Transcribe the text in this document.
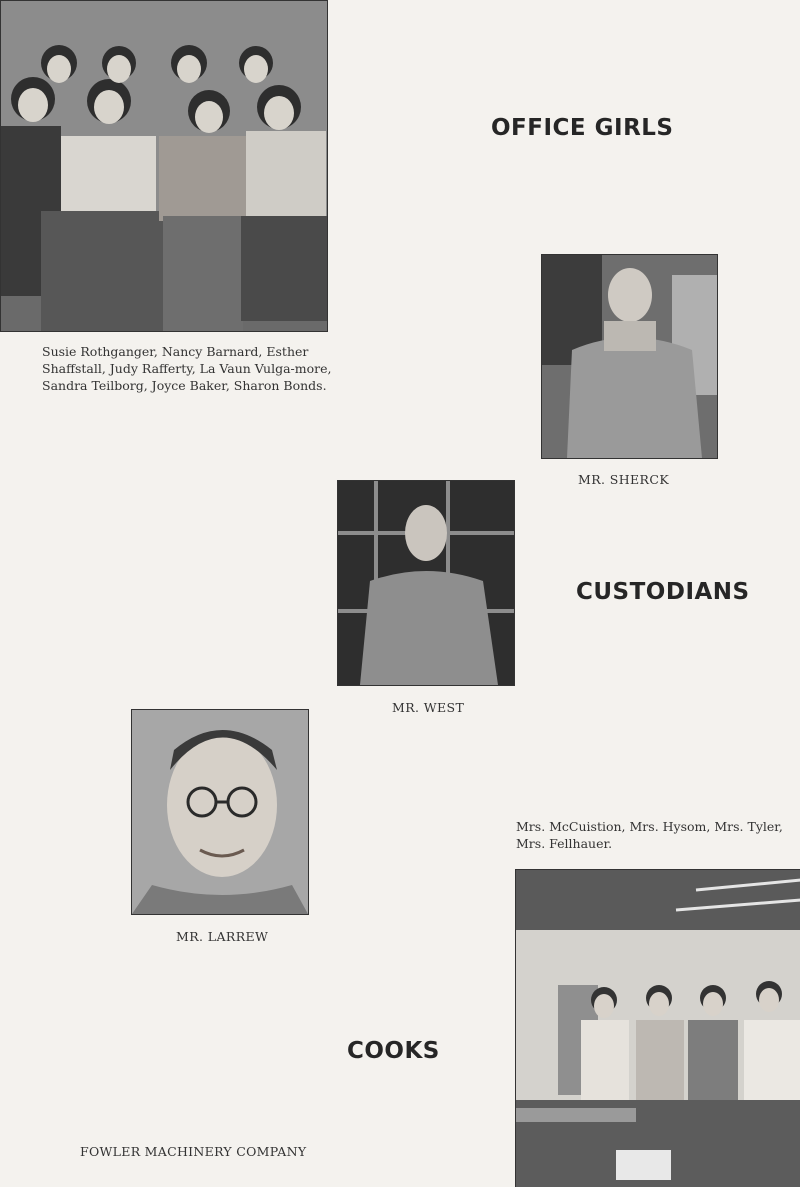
OFFICE GIRLS

Susie Rothganger, Nancy Barnard, Esther Shaffstall, Judy Rafferty, La Vaun Vulga-more, Sandra Teilborg, Joyce Baker, Sharon Bonds.

MR. SHERCK

CUSTODIANS

MR. WEST

MR. LARREW

Mrs. McCuistion, Mrs. Hysom, Mrs. Tyler, Mrs. Fellhauer.

COOKS

FOWLER MACHINERY COMPANY
